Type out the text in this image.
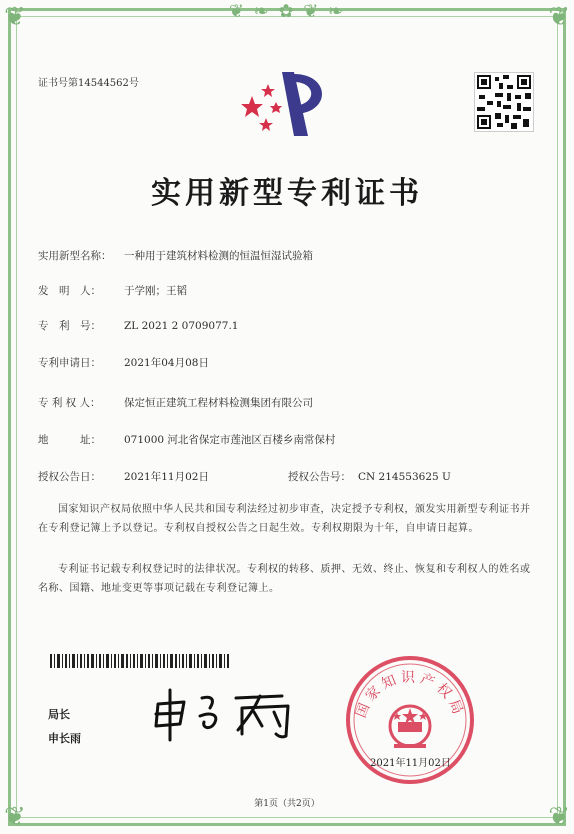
❦ ❧ ✿ ❦ ❧
❦	❦
❦	❦
证书号第14544562号
实用新型专利证书
实用新型名称： 一种用于建筑材料检测的恒温恒湿试验箱
发　明　人： 于学刚；王韬
专　利　号： ZL 2021 2 0709077.1
专利申请日： 2021年04月08日
专 利 权 人： 保定恒正建筑工程材料检测集团有限公司
地　　　址： 071000 河北省保定市莲池区百楼乡南常保村
授权公告日： 2021年11月02日	授权公告号： CN 214553625 U
国家知识产权局依照中华人民共和国专利法经过初步审查，决定授予专利权，颁发实用新型专利证书并在专利登记簿上予以登记。专利权自授权公告之日起生效。专利权期限为十年，自申请日起算。
专利证书记载专利权登记时的法律状况。专利权的转移、质押、无效、终止、恢复和专利权人的姓名或名称、国籍、地址变更等事项记载在专利登记簿上。
局长
申长雨
国家知识产权局
2021年11月02日
第1页（共2页）
